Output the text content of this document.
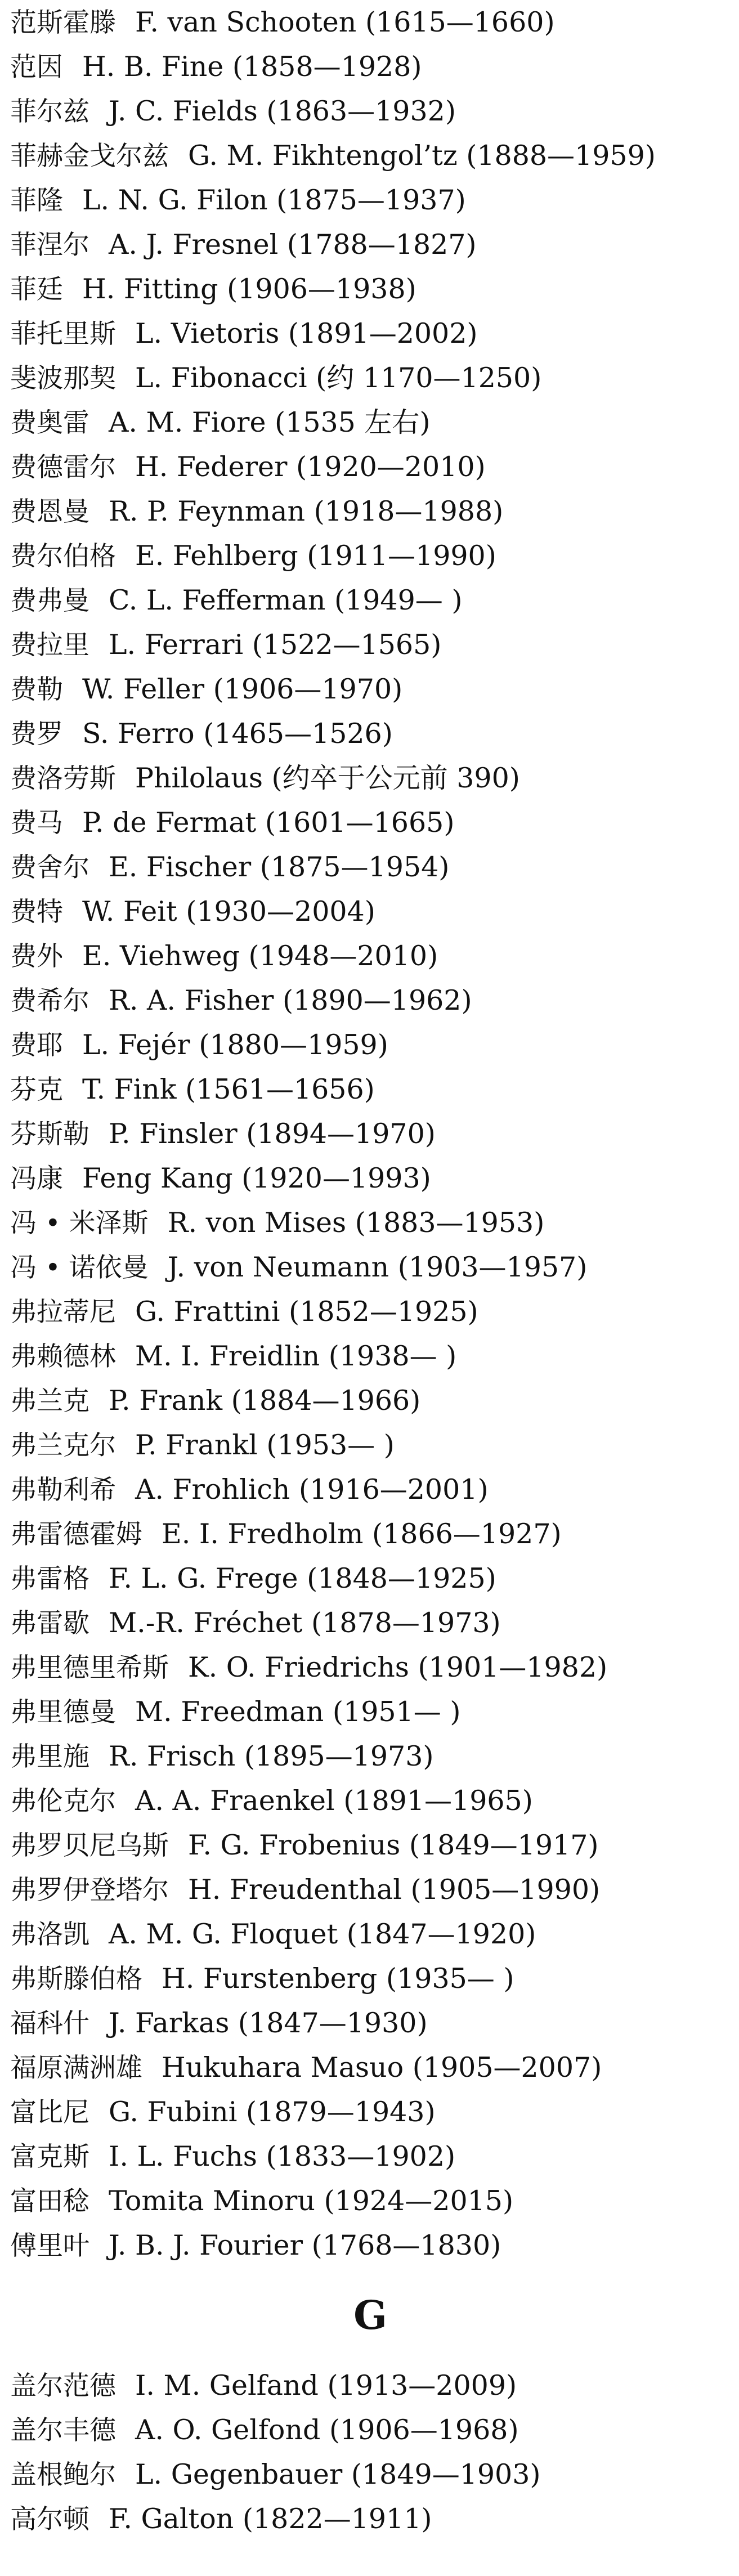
范斯霍滕 F. van Schooten (1615—1660)
范因 H. B. Fine (1858—1928)
菲尔兹 J. C. Fields (1863—1932)
菲赫金戈尔兹 G. M. Fikhtengol’tz (1888—1959)
菲隆 L. N. G. Filon (1875—1937)
菲涅尔 A. J. Fresnel (1788—1827)
菲廷 H. Fitting (1906—1938)
菲托里斯 L. Vietoris (1891—2002)
斐波那契 L. Fibonacci (约 1170—1250)
费奥雷 A. M. Fiore (1535 左右)
费德雷尔 H. Federer (1920—2010)
费恩曼 R. P. Feynman (1918—1988)
费尔伯格 E. Fehlberg (1911—1990)
费弗曼 C. L. Fefferman (1949— )
费拉里 L. Ferrari (1522—1565)
费勒 W. Feller (1906—1970)
费罗 S. Ferro (1465—1526)
费洛劳斯 Philolaus (约卒于公元前 390)
费马 P. de Fermat (1601—1665)
费舍尔 E. Fischer (1875—1954)
费特 W. Feit (1930—2004)
费外 E. Viehweg (1948—2010)
费希尔 R. A. Fisher (1890—1962)
费耶 L. Fejér (1880—1959)
芬克 T. Fink (1561—1656)
芬斯勒 P. Finsler (1894—1970)
冯康 Feng Kang (1920—1993)
冯 • 米泽斯 R. von Mises (1883—1953)
冯 • 诺依曼 J. von Neumann (1903—1957)
弗拉蒂尼 G. Frattini (1852—1925)
弗赖德林 M. I. Freidlin (1938— )
弗兰克 P. Frank (1884—1966)
弗兰克尔 P. Frankl (1953— )
弗勒利希 A. Frohlich (1916—2001)
弗雷德霍姆 E. I. Fredholm (1866—1927)
弗雷格 F. L. G. Frege (1848—1925)
弗雷歇 M.-R. Fréchet (1878—1973)
弗里德里希斯 K. O. Friedrichs (1901—1982)
弗里德曼 M. Freedman (1951— )
弗里施 R. Frisch (1895—1973)
弗伦克尔 A. A. Fraenkel (1891—1965)
弗罗贝尼乌斯 F. G. Frobenius (1849—1917)
弗罗伊登塔尔 H. Freudenthal (1905—1990)
弗洛凯 A. M. G. Floquet (1847—1920)
弗斯滕伯格 H. Furstenberg (1935— )
福科什 J. Farkas (1847—1930)
福原满洲雄 Hukuhara Masuo (1905—2007)
富比尼 G. Fubini (1879—1943)
富克斯 I. L. Fuchs (1833—1902)
富田稔 Tomita Minoru (1924—2015)
傅里叶 J. B. J. Fourier (1768—1830)
G
盖尔范德 I. M. Gelfand (1913—2009)
盖尔丰德 A. O. Gelfond (1906—1968)
盖根鲍尔 L. Gegenbauer (1849—1903)
高尔顿 F. Galton (1822—1911)
